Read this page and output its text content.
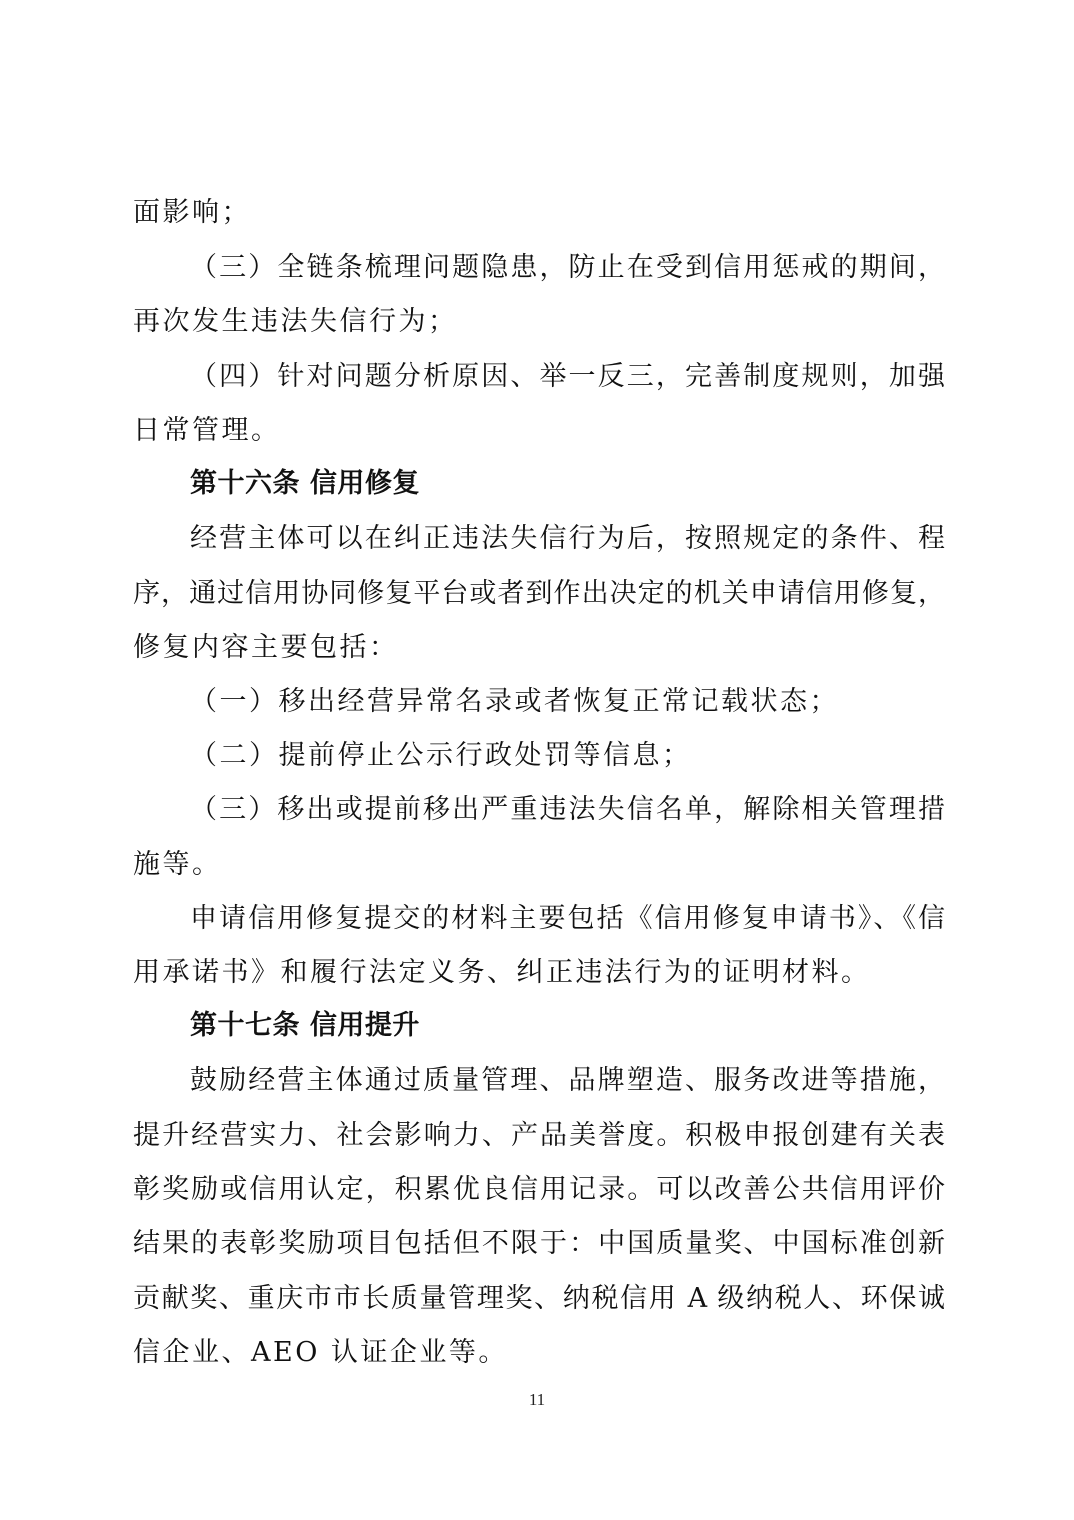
面影响；
（三）全链条梳理问题隐患，防止在受到信用惩戒的期间，
再次发生违法失信行为；
（四）针对问题分析原因、举一反三，完善制度规则，加强
日常管理。
第十六条 信用修复
经营主体可以在纠正违法失信行为后，按照规定的条件、程
序，通过信用协同修复平台或者到作出决定的机关申请信用修复，
修复内容主要包括：
（一）移出经营异常名录或者恢复正常记载状态；
（二）提前停止公示行政处罚等信息；
（三）移出或提前移出严重违法失信名单，解除相关管理措
施等。
申请信用修复提交的材料主要包括《信用修复申请书》、《信
用承诺书》和履行法定义务、纠正违法行为的证明材料。
第十七条 信用提升
鼓励经营主体通过质量管理、品牌塑造、服务改进等措施，
提升经营实力、社会影响力、产品美誉度。积极申报创建有关表
彰奖励或信用认定，积累优良信用记录。可以改善公共信用评价
结果的表彰奖励项目包括但不限于：中国质量奖、中国标准创新
贡献奖、重庆市市长质量管理奖、纳税信用 A 级纳税人、环保诚
信企业、AEO 认证企业等。
11
